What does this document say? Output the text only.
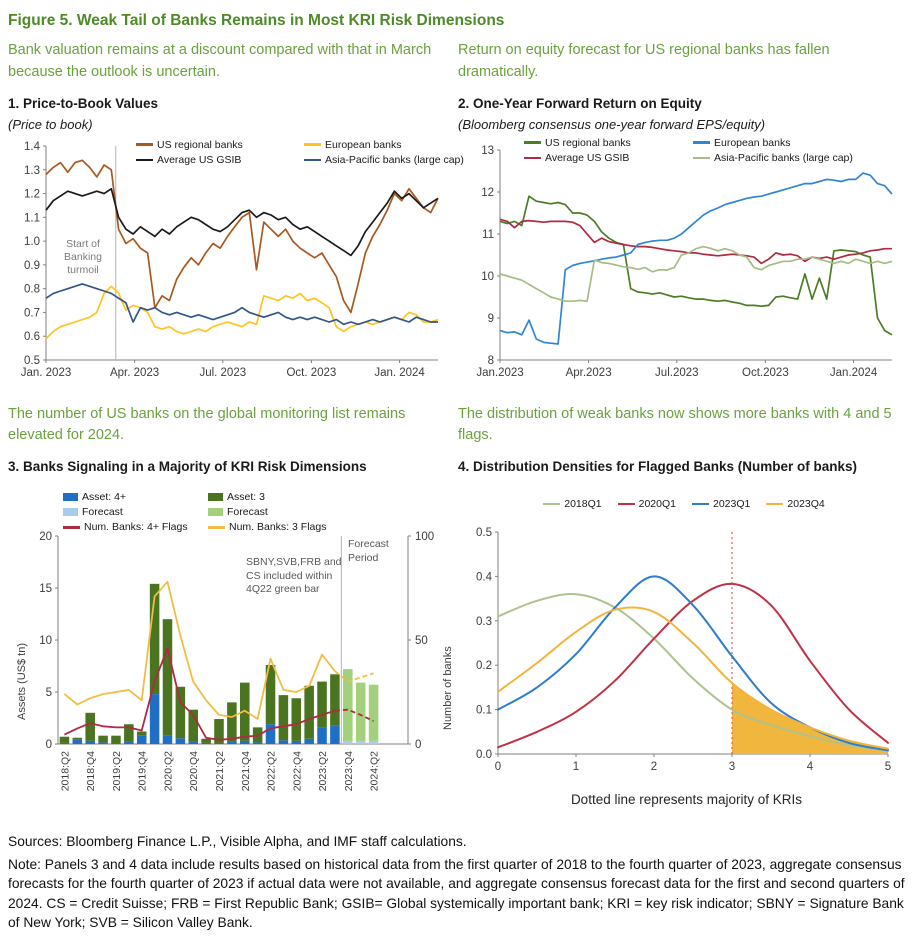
Figure 5. Weak Tail of Banks Remains in Most KRI Risk Dimensions

Bank valuation remains at a discount compared with that in March because the outlook is uncertain.

Return on equity forecast for US regional banks has fallen dramatically.

1. Price-to-Book Values
(Price to book)
0.5
0.6
0.7
0.8
0.9
1.0
1.1
1.2
1.3
1.4
Jan. 2023	Apr. 2023	Jul. 2023	Oct. 2023	Jan. 2024
US regional banks
Average US GSIB
European banks
Asia-Pacific banks (large cap)
Start of Banking turmoil
2. One-Year Forward Return on Equity
(Bloomberg consensus one-year forward EPS/equity)
8
9
10
11
12
13
Jan.2023	Apr.2023	Jul.2023	Oct.2023	Jan.2024
US regional banks
Average US GSIB
European banks
Asia-Pacific banks (large cap)

The number of US banks on the global monitoring list remains elevated for 2024.

The distribution of weak banks now shows more banks with 4 and 5 flags.

3. Banks Signaling in a Majority of KRI Risk Dimensions
0
5
10
15
20
0
50
100
2018:Q2 2018:Q4 2019:Q2 2019:Q4 2020:Q2 2020:Q4 2021:Q2 2021:Q4 2022:Q2 2022:Q4 2023:Q2 2023:Q4 2024:Q2
Asset: 4+
Forecast
Num. Banks: 4+ Flags
Asset: 3
Forecast
Num. Banks: 3 Flags
SBNY,SVB,FRB and CS included within 4Q22 green bar
Forecast Period
Assets (US$ tn)	Number of banks
4. Distribution Densities for Flagged Banks (Number of banks)
0.0
0.1
0.2
0.3
0.4
0.5
0	1	2	3	4	5
2018Q1	2020Q1	2023Q1	2023Q4
Dotted line represents majority of KRIs

Sources: Bloomberg Finance L.P., Visible Alpha, and IMF staff calculations.

Note: Panels 3 and 4 data include results based on historical data from the first quarter of 2018 to the fourth quarter of 2023, aggregate consensus forecasts for the fourth quarter of 2023 if actual data were not available, and aggregate consensus forecast data for the first and second quarters of 2024. CS = Credit Suisse; FRB = First Republic Bank; GSIB= Global systemically important bank; KRI = key risk indicator; SBNY = Signature Bank of New York; SVB = Silicon Valley Bank.
